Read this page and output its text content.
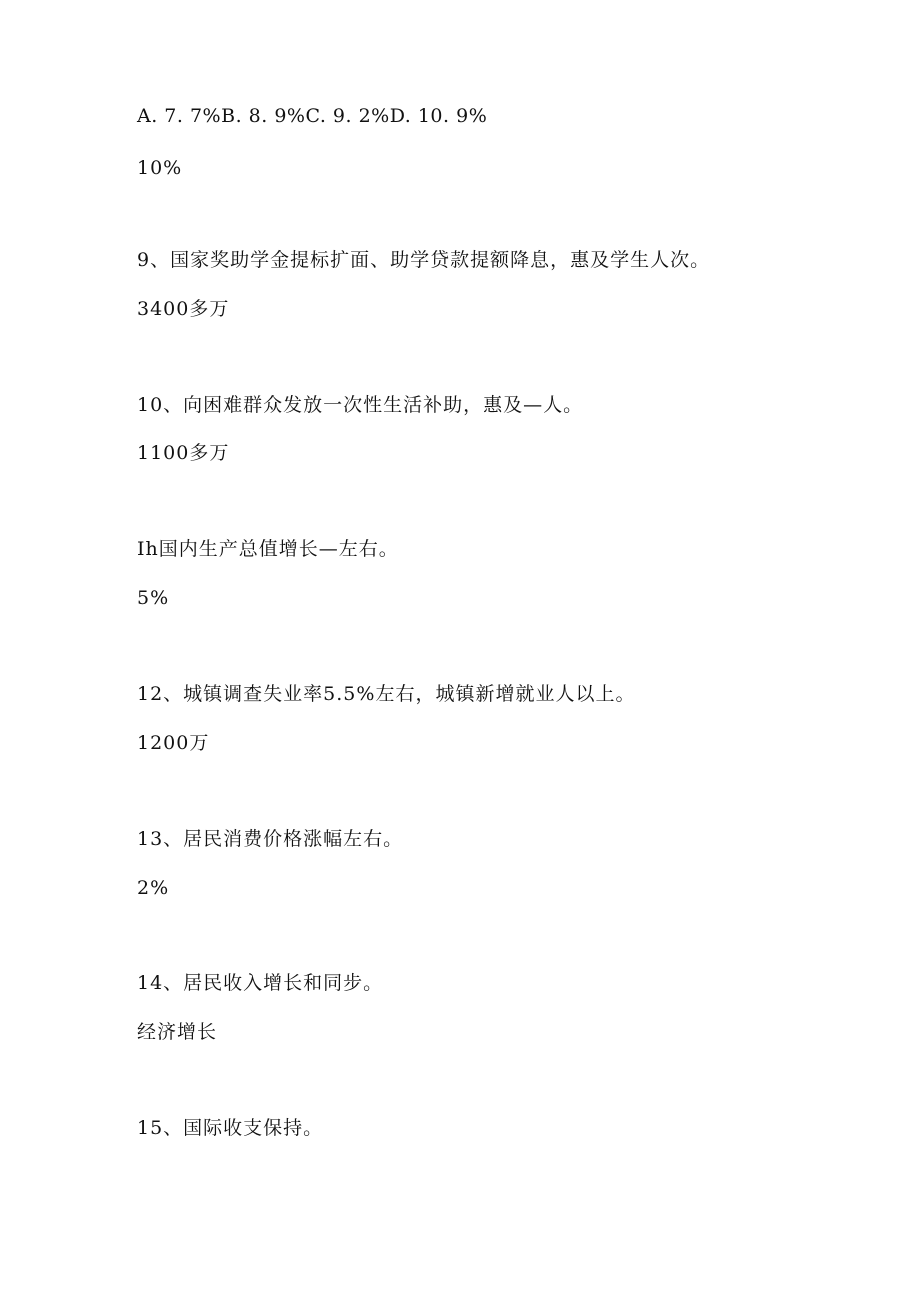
A. 7. 7%B. 8. 9%C. 9. 2%D. 10. 9%
10%
9、国家奖助学金提标扩面、助学贷款提额降息，惠及学生人次。
3400多万
10、向困难群众发放一次性生活补助，惠及—人。
1100多万
Ih国内生产总值增长—左右。
5%
12、城镇调查失业率5.5%左右，城镇新增就业人以上。
1200万
13、居民消费价格涨幅左右。
2%
14、居民收入增长和同步。
经济增长
15、国际收支保持。
